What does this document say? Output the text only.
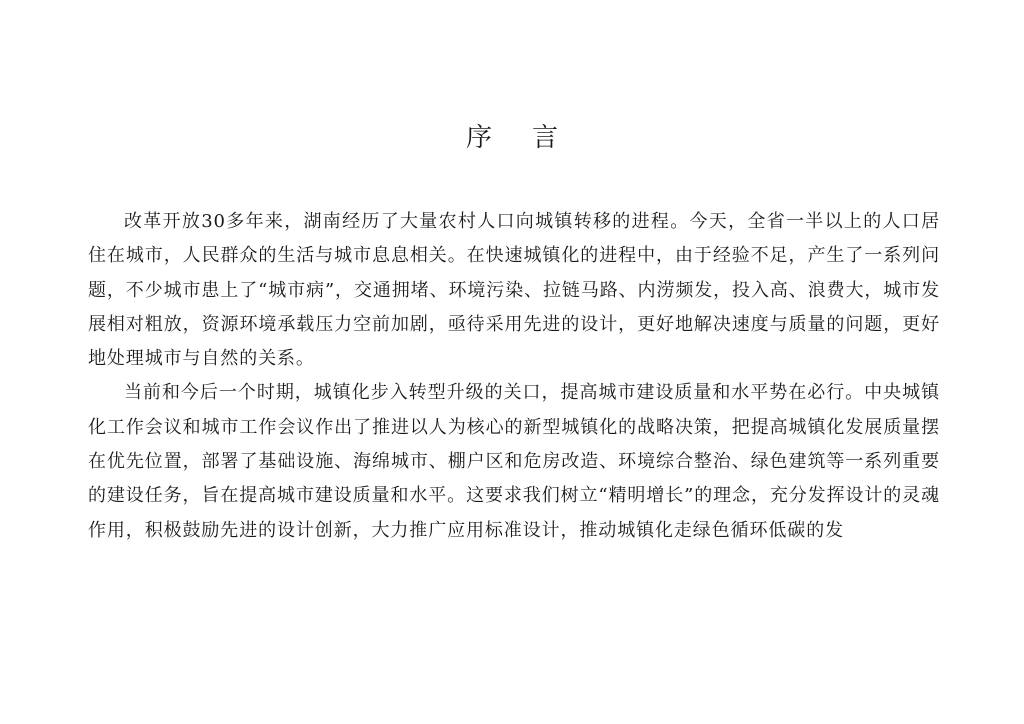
序 言

改革开放30多年来，湖南经历了大量农村人口向城镇转移的进程。今天，全省一半以上的人口居住在城市，人民群众的生活与城市息息相关。在快速城镇化的进程中，由于经验不足，产生了一系列问题，不少城市患上了“城市病”，交通拥堵、环境污染、拉链马路、内涝频发，投入高、浪费大，城市发展相对粗放，资源环境承载压力空前加剧，亟待采用先进的设计，更好地解决速度与质量的问题，更好地处理城市与自然的关系。

当前和今后一个时期，城镇化步入转型升级的关口，提高城市建设质量和水平势在必行。中央城镇化工作会议和城市工作会议作出了推进以人为核心的新型城镇化的战略决策，把提高城镇化发展质量摆在优先位置，部署了基础设施、海绵城市、棚户区和危房改造、环境综合整治、绿色建筑等一系列重要的建设任务，旨在提高城市建设质量和水平。这要求我们树立“精明增长”的理念，充分发挥设计的灵魂作用，积极鼓励先进的设计创新，大力推广应用标准设计，推动城镇化走绿色循环低碳的发
